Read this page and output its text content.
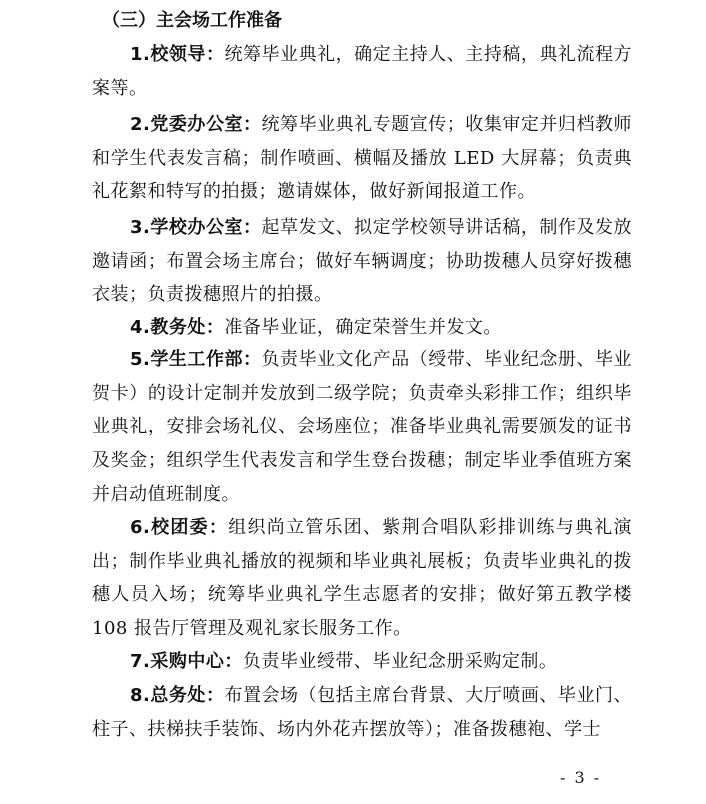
（三）主会场工作准备

1.校领导：统筹毕业典礼，确定主持人、主持稿，典礼流程方案等。

2.党委办公室：统筹毕业典礼专题宣传；收集审定并归档教师和学生代表发言稿；制作喷画、横幅及播放 LED 大屏幕；负责典礼花絮和特写的拍摄；邀请媒体，做好新闻报道工作。

3.学校办公室：起草发文、拟定学校领导讲话稿，制作及发放邀请函；布置会场主席台；做好车辆调度；协助拨穗人员穿好拨穗衣装；负责拨穗照片的拍摄。

4.教务处：准备毕业证，确定荣誉生并发文。

5.学生工作部：负责毕业文化产品（绶带、毕业纪念册、毕业贺卡）的设计定制并发放到二级学院；负责牵头彩排工作；组织毕业典礼，安排会场礼仪、会场座位；准备毕业典礼需要颁发的证书及奖金；组织学生代表发言和学生登台拨穗；制定毕业季值班方案并启动值班制度。

6.校团委：组织尚立管乐团、紫荆合唱队彩排训练与典礼演出；制作毕业典礼播放的视频和毕业典礼展板；负责毕业典礼的拨穗人员入场；统筹毕业典礼学生志愿者的安排；做好第五教学楼 108 报告厅管理及观礼家长服务工作。

7.采购中心：负责毕业绶带、毕业纪念册采购定制。

8.总务处：布置会场（包括主席台背景、大厅喷画、毕业门、柱子、扶梯扶手装饰、场内外花卉摆放等）；准备拨穗袍、学士

- 3 -
